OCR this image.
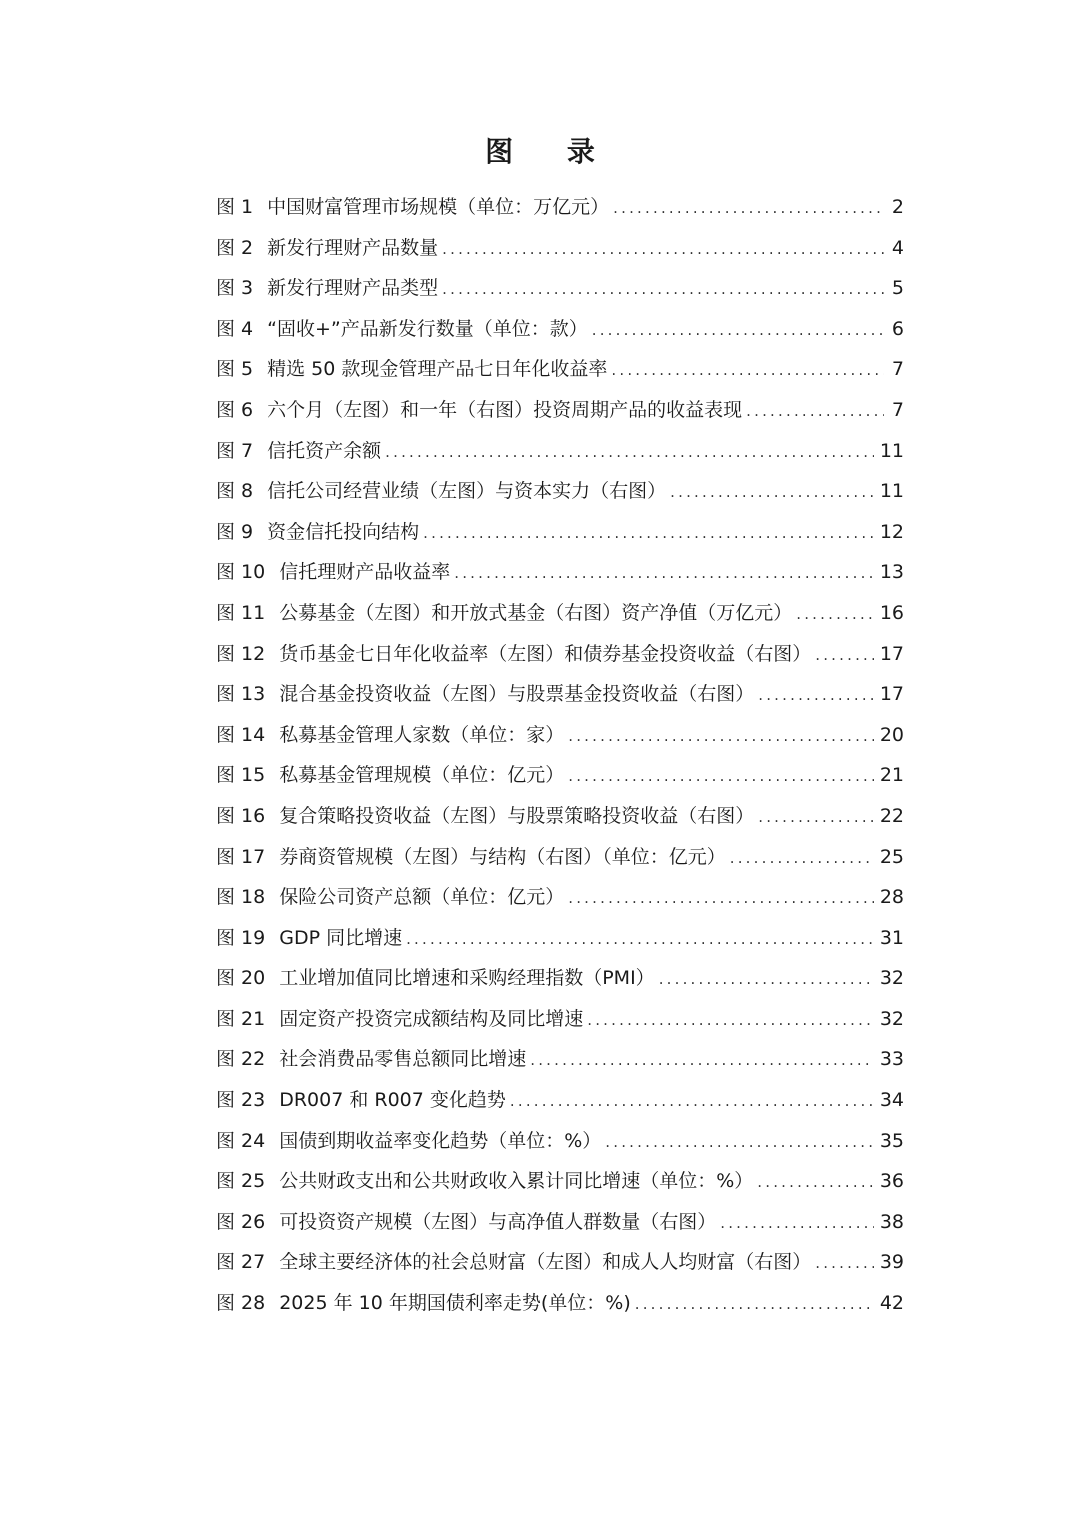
图 录
图 1 中国财富管理市场规模（单位：万亿元） .....	2
图 2 新发行理财产品数量 .....	4
图 3 新发行理财产品类型 .....	5
图 4 “固收+”产品新发行数量（单位：款） .....	6
图 5 精选 50 款现金管理产品七日年化收益率 .....	7
图 6 六个月（左图）和一年（右图）投资周期产品的收益表现 .....	7
图 7 信托资产余额 .....	11
图 8 信托公司经营业绩（左图）与资本实力（右图） .....	11
图 9 资金信托投向结构 .....	12
图 10 信托理财产品收益率 .....	13
图 11 公募基金（左图）和开放式基金（右图）资产净值（万亿元） .....	16
图 12 货币基金七日年化收益率（左图）和债券基金投资收益（右图） .....	17
图 13 混合基金投资收益（左图）与股票基金投资收益（右图） .....	17
图 14 私募基金管理人家数（单位：家） .....	20
图 15 私募基金管理规模（单位：亿元） .....	21
图 16 复合策略投资收益（左图）与股票策略投资收益（右图） .....	22
图 17 券商资管规模（左图）与结构（右图）（单位：亿元） .....	25
图 18 保险公司资产总额（单位：亿元） .....	28
图 19 GDP 同比增速 .....	31
图 20 工业增加值同比增速和采购经理指数（PMI） .....	32
图 21 固定资产投资完成额结构及同比增速 .....	32
图 22 社会消费品零售总额同比增速 .....	33
图 23 DR007 和 R007 变化趋势 .....	34
图 24 国债到期收益率变化趋势（单位：%） .....	35
图 25 公共财政支出和公共财政收入累计同比增速（单位：%） .....	36
图 26 可投资资产规模（左图）与高净值人群数量（右图） .....	38
图 27 全球主要经济体的社会总财富（左图）和成人人均财富（右图） .....	39
图 28 2025 年 10 年期国债利率走势(单位：%) .....	42
